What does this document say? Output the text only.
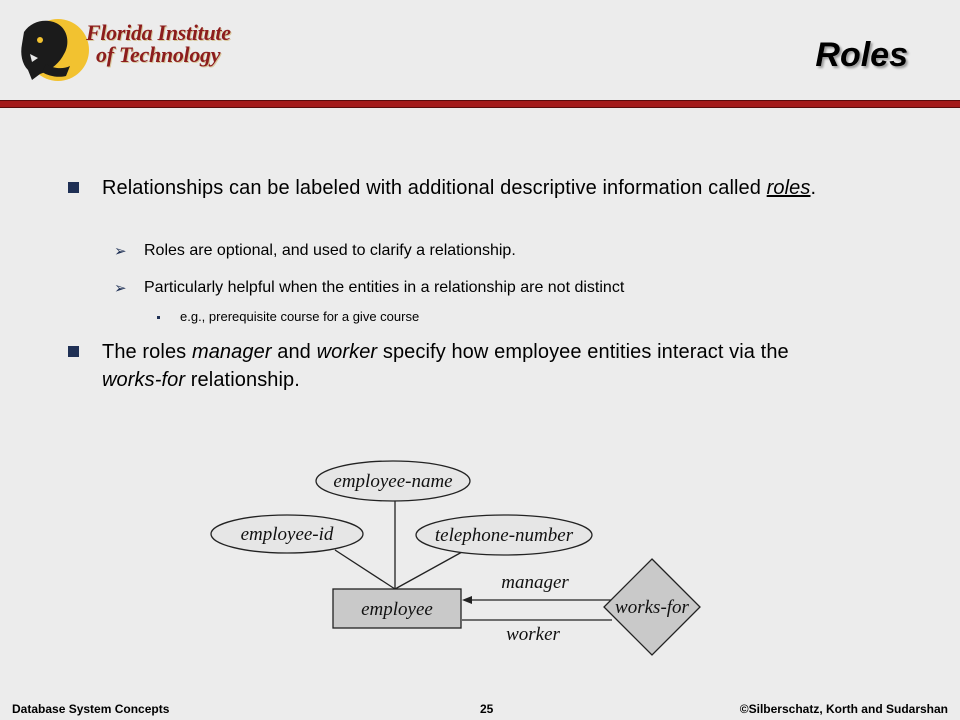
Florida Institute
of Technology	Roles
Relationships can be labeled with additional descriptive information called roles.
➢ Roles are optional, and used to clarify a relationship.
➢ Particularly helpful when the entities in a relationship are not distinct
e.g., prerequisite course for a give course
The roles manager and worker specify how employee entities interact via the works-for relationship.
employee-name
employee-id	telephone-number
employee	works-for
manager
worker
Database System Concepts	25	©Silberschatz, Korth and Sudarshan
